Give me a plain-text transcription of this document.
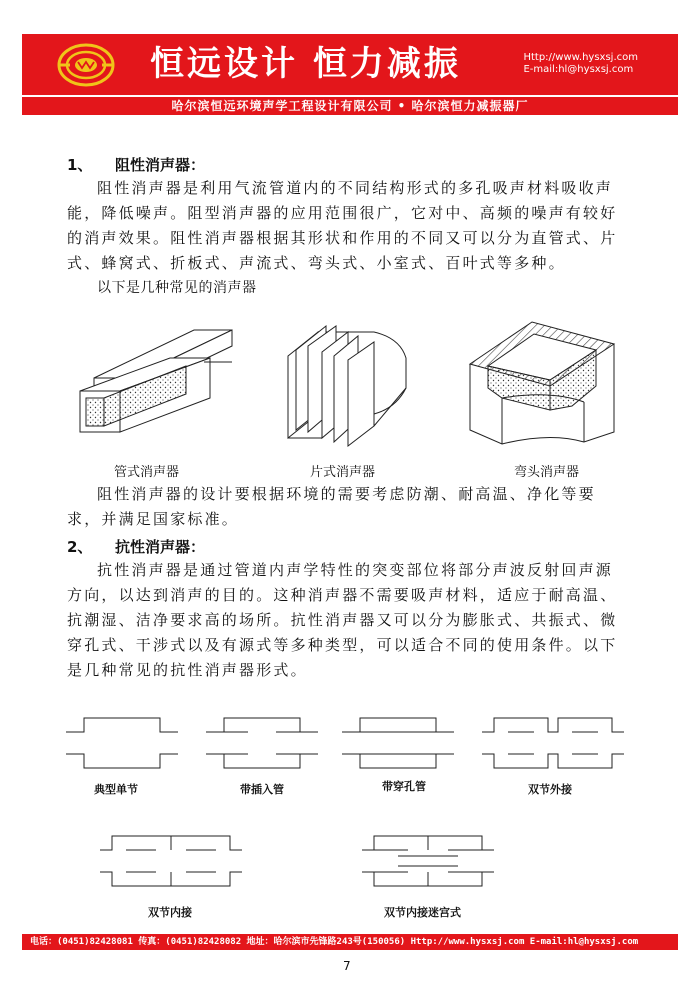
恒远设计 恒力减振	Http://www.hysxsj.com
E-mail:hl@hysxsj.com
哈尔滨恒远环境声学工程设计有限公司 • 哈尔滨恒力减振器厂
1、 阻性消声器：
阻性消声器是利用气流管道内的不同结构形式的多孔吸声材料吸收声
能，降低噪声。阻型消声器的应用范围很广，它对中、高频的噪声有较好
的消声效果。阻性消声器根据其形状和作用的不同又可以分为直管式、片
式、蜂窝式、折板式、声流式、弯头式、小室式、百叶式等多种。
以下是几种常见的消声器
管式消声器	片式消声器	弯头消声器
阻性消声器的设计要根据环境的需要考虑防潮、耐高温、净化等要
求，并满足国家标准。
2、 抗性消声器：
抗性消声器是通过管道内声学特性的突变部位将部分声波反射回声源
方向，以达到消声的目的。这种消声器不需要吸声材料，适应于耐高温、
抗潮湿、洁净要求高的场所。抗性消声器又可以分为膨胀式、共振式、微
穿孔式、干涉式以及有源式等多种类型，可以适合不同的使用条件。以下
是几种常见的抗性消声器形式。
典型单节	带插入管	带穿孔管	双节外接
双节内接	双节内接迷宫式
电话：(0451)82428081 传真：(0451)82428082 地址：哈尔滨市先锋路243号(150056) Http://www.hysxsj.com E-mail:hl@hysxsj.com
7
